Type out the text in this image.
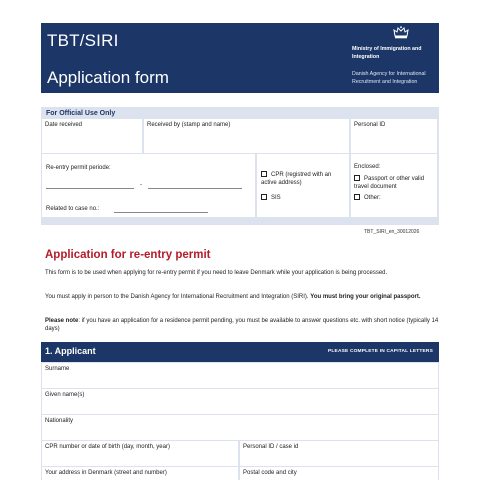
TBT/SIRI
Application form
Ministry of Immigration and Integration
Danish Agency for International Recruitment and Integration
For Official Use Only
Date received	Received by (stamp and name)	Personal ID
Re-entry permit periode:
-
Related to case no.:
CPR (registred with an active address)
SIS
Enclosed:
Passport or other valid travel document
Other:
TBT_SIRI_en_30012026
Application for re-entry permit
This form is to be used when applying for re-entry permit if you need to leave Denmark while your application is being processed.
You must apply in person to the Danish Agency for International Recruitment and Integration (SIRI). You must bring your original passport.
Please note: if you have an application for a residence permit pending, you must be available to answer questions etc. with short notice (typically 14 days)
1. Applicant	PLEASE COMPLETE IN CAPITAL LETTERS
Surname
Given name(s)
Nationality
CPR number or date of birth (day, month, year)	Personal ID / case id
Your address in Denmark (street and number)	Postal code and city
